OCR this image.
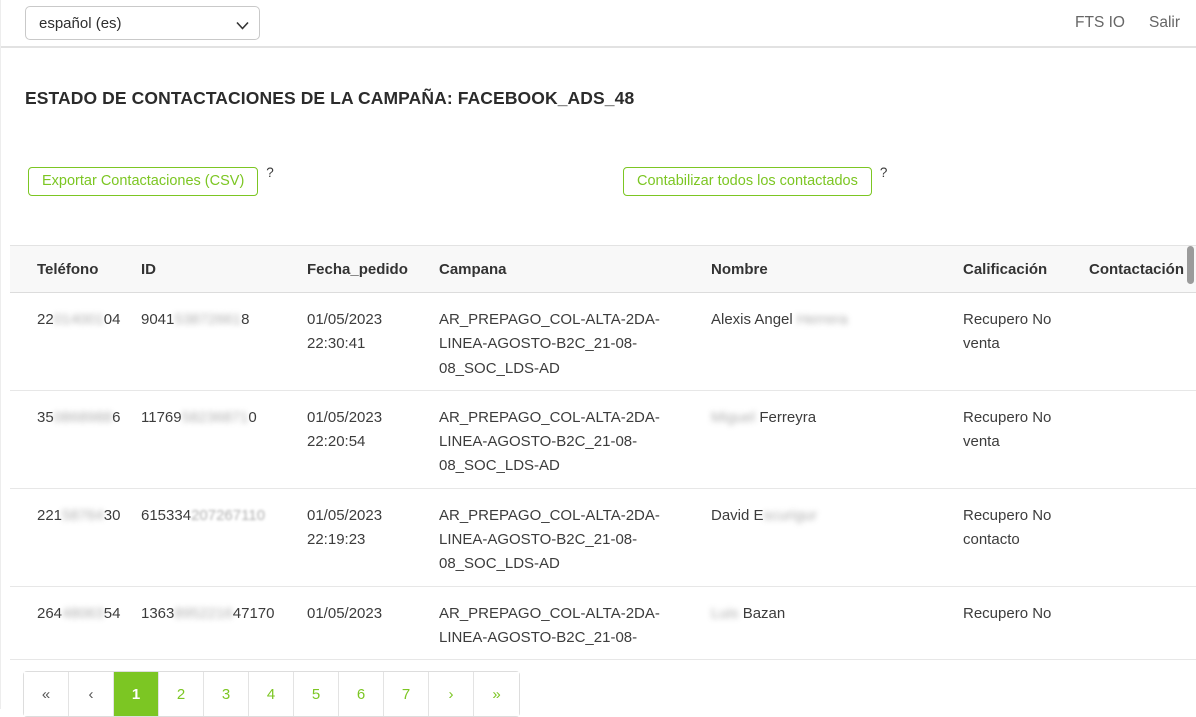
español (es)
FTS IO Salir
ESTADO DE CONTACTACIONES DE LA CAMPAÑA: FACEBOOK_ADS_48
Exportar Contactaciones (CSV)
?
Contabilizar todos los contactados
?
Teléfono	ID	Fecha_pedido	Campana	Nombre	Calificación	Contactación
2201400104	9041538726618	01/05/2023
22:30:41	AR_PREPAGO_COL-ALTA-2DA-
LINEA-AGOSTO-B2C_21-08-
08_SOC_LDS-AD	Alexis Angel Herrera	Recupero No
venta	

3508689886	11769582368710	01/05/2023
22:20:54	AR_PREPAGO_COL-ALTA-2DA-
LINEA-AGOSTO-B2C_21-08-
08_SOC_LDS-AD	Miguel Ferreyra	Recupero No
venta	

2215876430	615334207267110	01/05/2023
22:19:23	AR_PREPAGO_COL-ALTA-2DA-
LINEA-AGOSTO-B2C_21-08-
08_SOC_LDS-AD	David Escurigur	Recupero No
contacto	

2644806354	1363895221647170	01/05/2023	AR_PREPAGO_COL-ALTA-2DA-
LINEA-AGOSTO-B2C_21-08-	Luis Bazan	Recupero No	

«	‹	1	2	3	4	5	6	7	›	»
